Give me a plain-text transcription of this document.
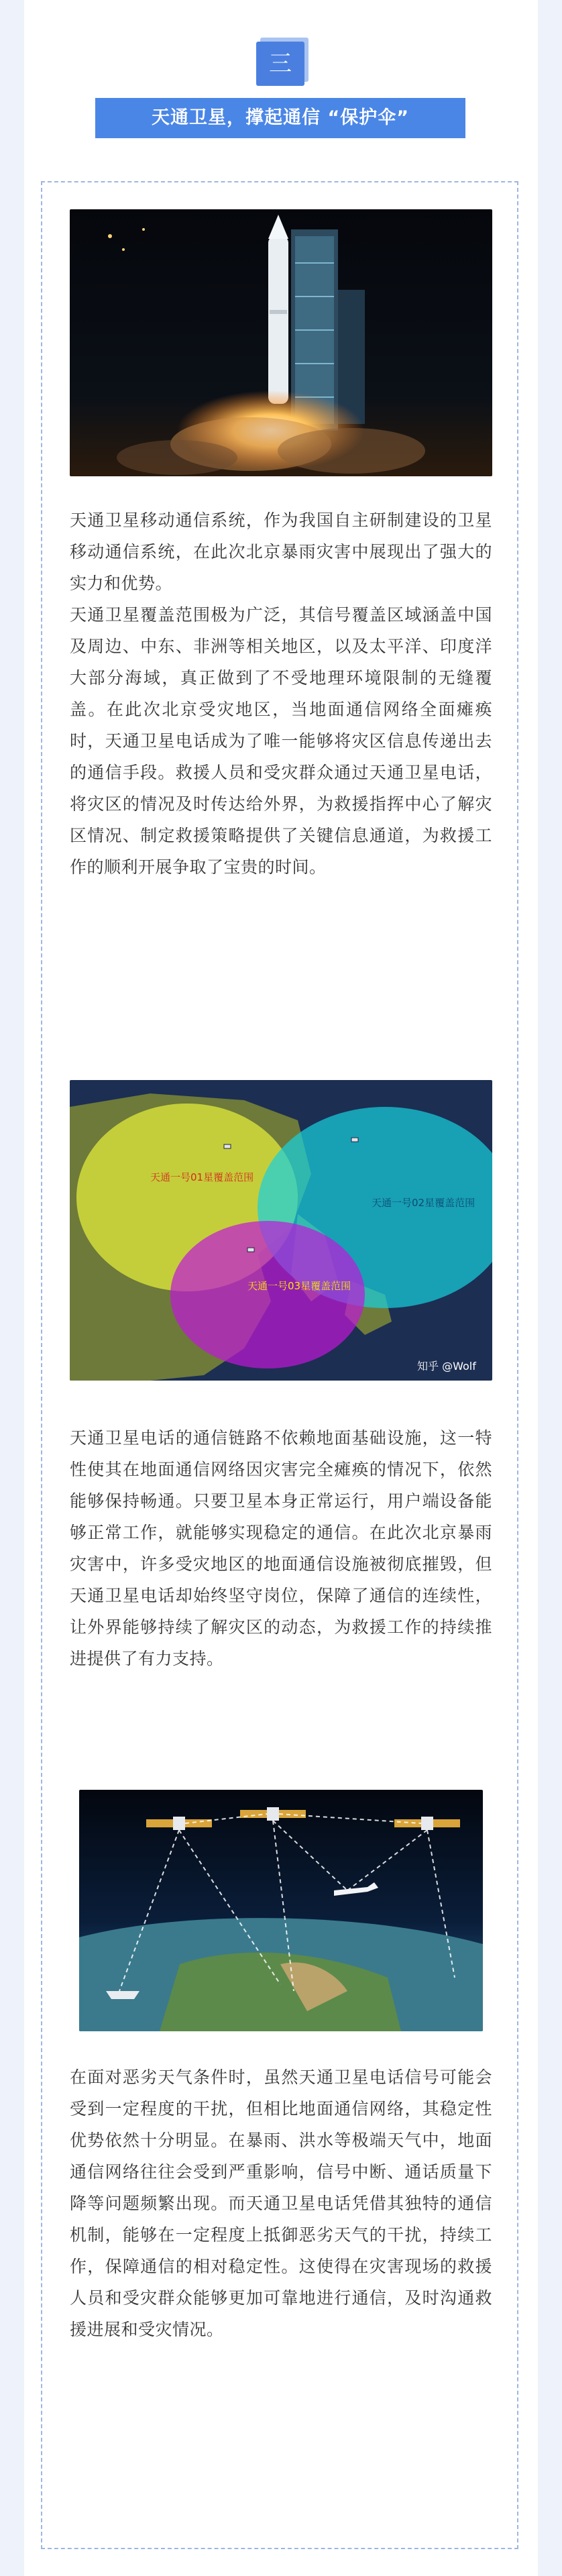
三
天通卫星，撑起通信 “保护伞”

天通卫星移动通信系统，作为我国自主研制建设的卫星移动通信系统，在此次北京暴雨灾害中展现出了强大的实力和优势。

天通卫星覆盖范围极为广泛，其信号覆盖区域涵盖中国及周边、中东、非洲等相关地区，以及太平洋、印度洋大部分海域，真正做到了不受地理环境限制的无缝覆盖。在此次北京受灾地区，当地面通信网络全面瘫痪时，天通卫星电话成为了唯一能够将灾区信息传递出去的通信手段。救援人员和受灾群众通过天通卫星电话，将灾区的情况及时传达给外界，为救援指挥中心了解灾区情况、制定救援策略提供了关键信息通道，为救援工作的顺利开展争取了宝贵的时间。

天通一号01星覆盖范围
天通一号02星覆盖范围
天通一号03星覆盖范围
知乎 @Wolf

天通卫星电话的通信链路不依赖地面基础设施，这一特性使其在地面通信网络因灾害完全瘫痪的情况下，依然能够保持畅通。只要卫星本身正常运行，用户端设备能够正常工作，就能够实现稳定的通信。在此次北京暴雨灾害中，许多受灾地区的地面通信设施被彻底摧毁，但天通卫星电话却始终坚守岗位，保障了通信的连续性，让外界能够持续了解灾区的动态，为救援工作的持续推进提供了有力支持。

在面对恶劣天气条件时，虽然天通卫星电话信号可能会受到一定程度的干扰，但相比地面通信网络，其稳定性优势依然十分明显。在暴雨、洪水等极端天气中，地面通信网络往往会受到严重影响，信号中断、通话质量下降等问题频繁出现。而天通卫星电话凭借其独特的通信机制，能够在一定程度上抵御恶劣天气的干扰，持续工作，保障通信的相对稳定性。这使得在灾害现场的救援人员和受灾群众能够更加可靠地进行通信，及时沟通救援进展和受灾情况。
